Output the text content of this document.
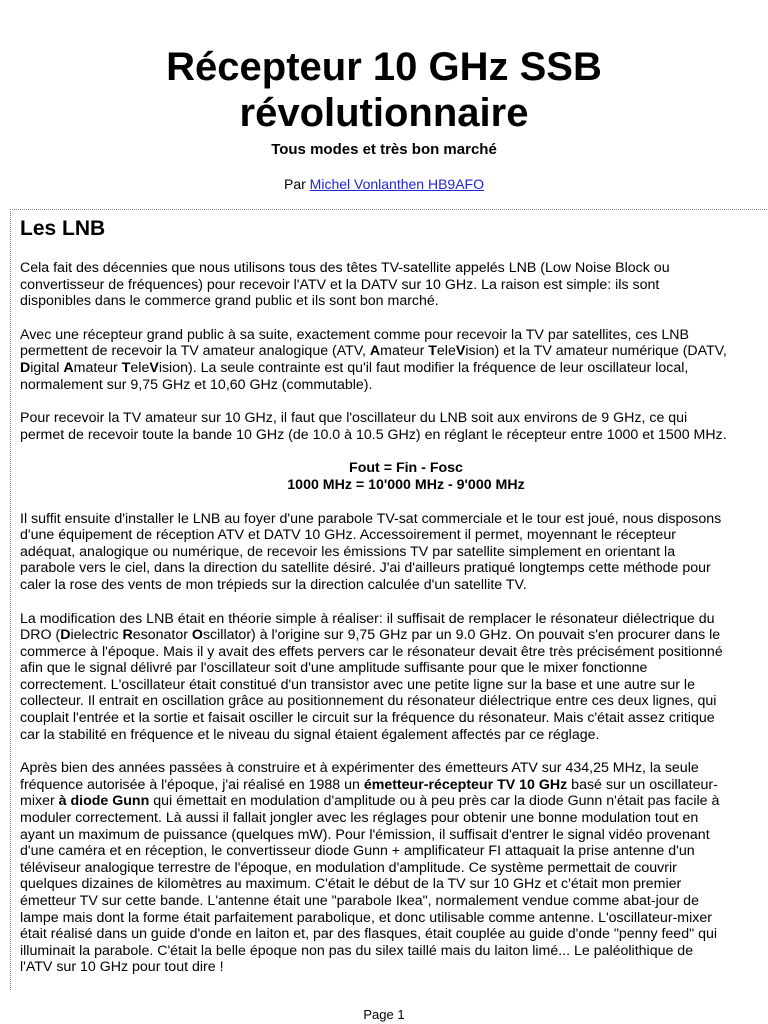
Récepteur 10 GHz SSB
révolutionnaire
Tous modes et très bon marché
Par Michel Vonlanthen HB9AFO
Les LNB
Cela fait des décennies que nous utilisons tous des têtes TV-satellite appelés LNB (Low Noise Block ou
convertisseur de fréquences) pour recevoir l'ATV et la DATV sur 10 GHz. La raison est simple: ils sont
disponibles dans le commerce grand public et ils sont bon marché.
Avec une récepteur grand public à sa suite, exactement comme pour recevoir la TV par satellites, ces LNB
permettent de recevoir la TV amateur analogique (ATV, Amateur TeleVision) et la TV amateur numérique (DATV,
Digital Amateur TeleVision). La seule contrainte est qu'il faut modifier la fréquence de leur oscillateur local,
normalement sur 9,75 GHz et 10,60 GHz (commutable).
Pour recevoir la TV amateur sur 10 GHz, il faut que l'oscillateur du LNB soit aux environs de 9 GHz, ce qui
permet de recevoir toute la bande 10 GHz (de 10.0 à 10.5 GHz) en réglant le récepteur entre 1000 et 1500 MHz.
Fout = Fin - Fosc
1000 MHz = 10'000 MHz - 9'000 MHz
Il suffit ensuite d'installer le LNB au foyer d'une parabole TV-sat commerciale et le tour est joué, nous disposons
d'une équipement de réception ATV et DATV 10 GHz. Accessoirement il permet, moyennant le récepteur
adéquat, analogique ou numérique, de recevoir les émissions TV par satellite simplement en orientant la
parabole vers le ciel, dans la direction du satellite désiré. J'ai d'ailleurs pratiqué longtemps cette méthode pour
caler la rose des vents de mon trépieds sur la direction calculée d'un satellite TV.
La modification des LNB était en théorie simple à réaliser: il suffisait de remplacer le résonateur diélectrique du
DRO (Dielectric Resonator Oscillator) à l'origine sur 9,75 GHz par un 9.0 GHz. On pouvait s'en procurer dans le
commerce à l'époque. Mais il y avait des effets pervers car le résonateur devait être très précisément positionné
afin que le signal délivré par l'oscillateur soit d'une amplitude suffisante pour que le mixer fonctionne
correctement. L'oscillateur était constitué d'un transistor avec une petite ligne sur la base et une autre sur le
collecteur. Il entrait en oscillation grâce au positionnement du résonateur diélectrique entre ces deux lignes, qui
couplait l'entrée et la sortie et faisait osciller le circuit sur la fréquence du résonateur. Mais c'était assez critique
car la stabilité en fréquence et le niveau du signal étaient également affectés par ce réglage.
Après bien des années passées à construire et à expérimenter des émetteurs ATV sur 434,25 MHz, la seule
fréquence autorisée à l'époque, j'ai réalisé en 1988 un émetteur-récepteur TV 10 GHz basé sur un oscillateur-
mixer à diode Gunn qui émettait en modulation d'amplitude ou à peu près car la diode Gunn n'était pas facile à
moduler correctement. Là aussi il fallait jongler avec les réglages pour obtenir une bonne modulation tout en
ayant un maximum de puissance (quelques mW). Pour l'émission, il suffisait d'entrer le signal vidéo provenant
d'une caméra et en réception, le convertisseur diode Gunn + amplificateur FI attaquait la prise antenne d'un
téléviseur analogique terrestre de l'époque, en modulation d'amplitude. Ce système permettait de couvrir
quelques dizaines de kilomètres au maximum. C'était le début de la TV sur 10 GHz et c'était mon premier
émetteur TV sur cette bande. L'antenne était une "parabole Ikea", normalement vendue comme abat-jour de
lampe mais dont la forme était parfaitement parabolique, et donc utilisable comme antenne. L'oscillateur-mixer
était réalisé dans un guide d'onde en laiton et, par des flasques, était couplée au guide d'onde "penny feed" qui
illuminait la parabole. C'était la belle époque non pas du silex taillé mais du laiton limé... Le paléolithique de
l'ATV sur 10 GHz pour tout dire !
Page 1
